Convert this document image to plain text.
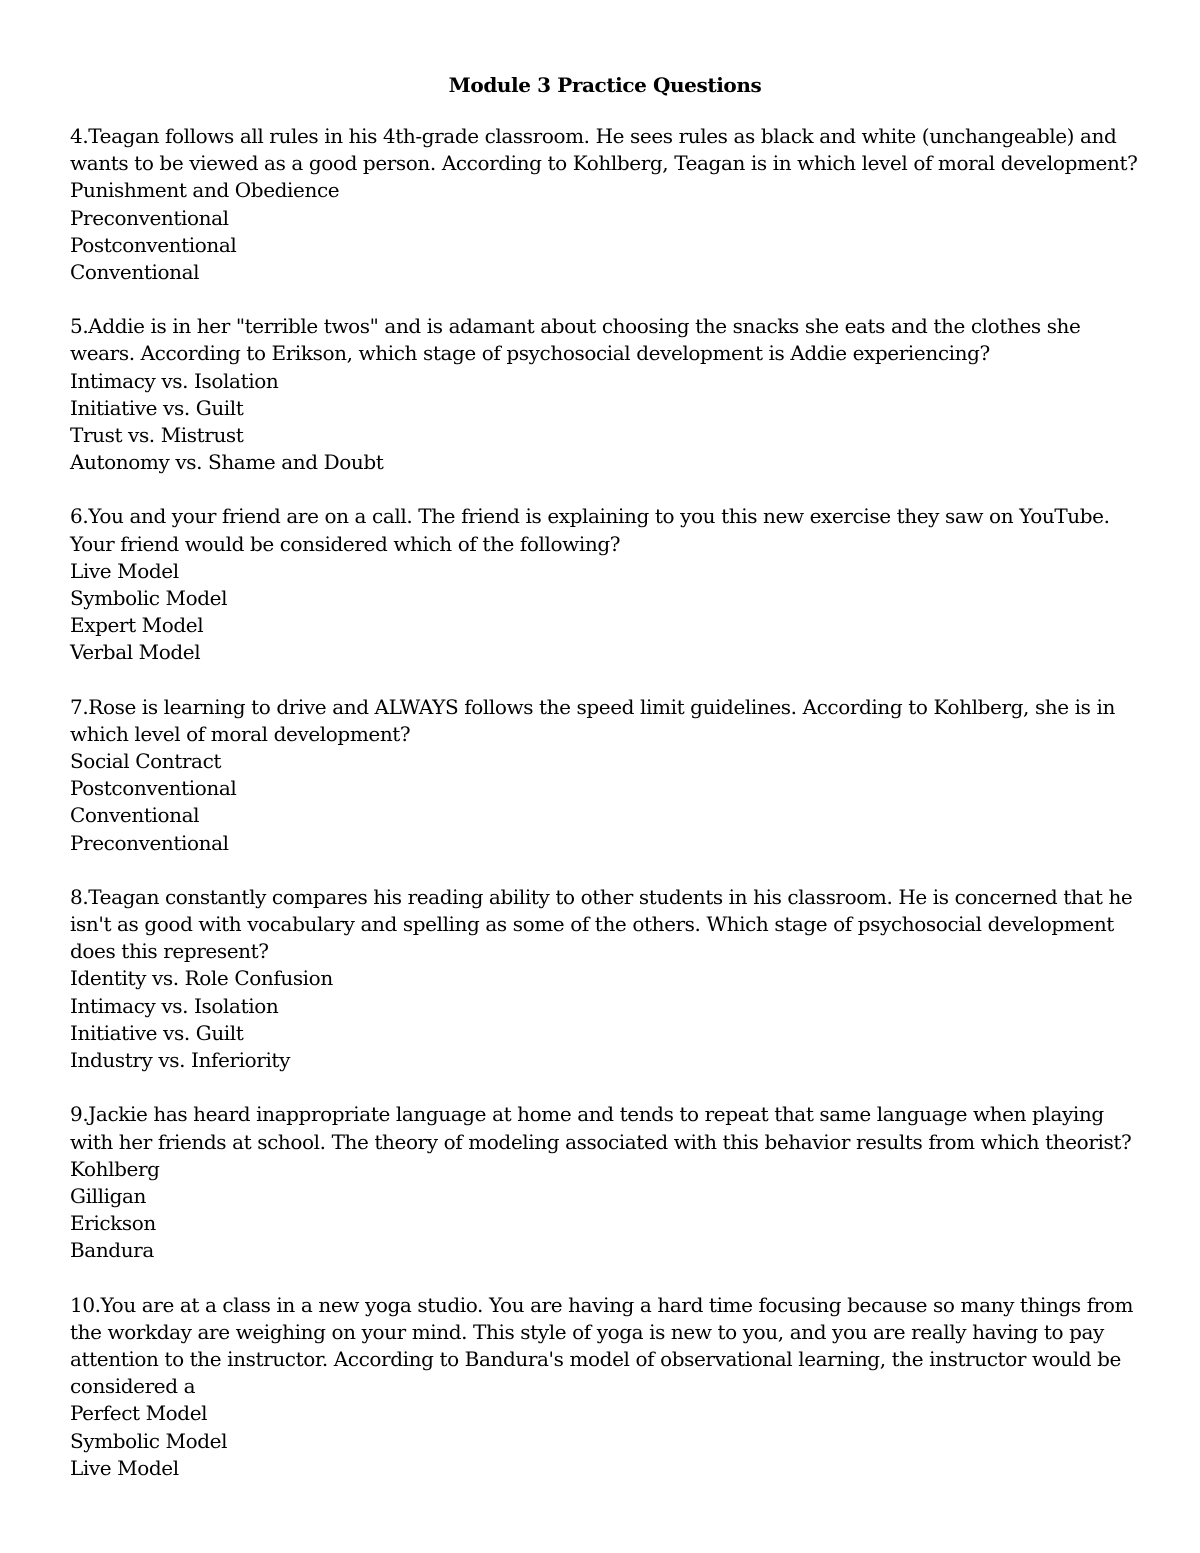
Module 3 Practice Questions

4.Teagan follows all rules in his 4th-grade classroom. He sees rules as black and white (unchangeable) and wants to be viewed as a good person. According to Kohlberg, Teagan is in which level of moral development?

Punishment and Obedience
Preconventional
Postconventional
Conventional

5.Addie is in her "terrible twos" and is adamant about choosing the snacks she eats and the clothes she wears. According to Erikson, which stage of psychosocial development is Addie experiencing?

Intimacy vs. Isolation
Initiative vs. Guilt
Trust vs. Mistrust
Autonomy vs. Shame and Doubt

6.You and your friend are on a call. The friend is explaining to you this new exercise they saw on YouTube. Your friend would be considered which of the following?

Live Model
Symbolic Model
Expert Model
Verbal Model

7.Rose is learning to drive and ALWAYS follows the speed limit guidelines. According to Kohlberg, she is in which level of moral development?

Social Contract
Postconventional
Conventional
Preconventional

8.Teagan constantly compares his reading ability to other students in his classroom. He is concerned that he isn't as good with vocabulary and spelling as some of the others. Which stage of psychosocial development does this represent?

Identity vs. Role Confusion
Intimacy vs. Isolation
Initiative vs. Guilt
Industry vs. Inferiority

9.Jackie has heard inappropriate language at home and tends to repeat that same language when playing with her friends at school. The theory of modeling associated with this behavior results from which theorist?

Kohlberg
Gilligan
Erickson
Bandura

10.You are at a class in a new yoga studio. You are having a hard time focusing because so many things from the workday are weighing on your mind. This style of yoga is new to you, and you are really having to pay attention to the instructor. According to Bandura's model of observational learning, the instructor would be considered a

Perfect Model
Symbolic Model
Live Model
